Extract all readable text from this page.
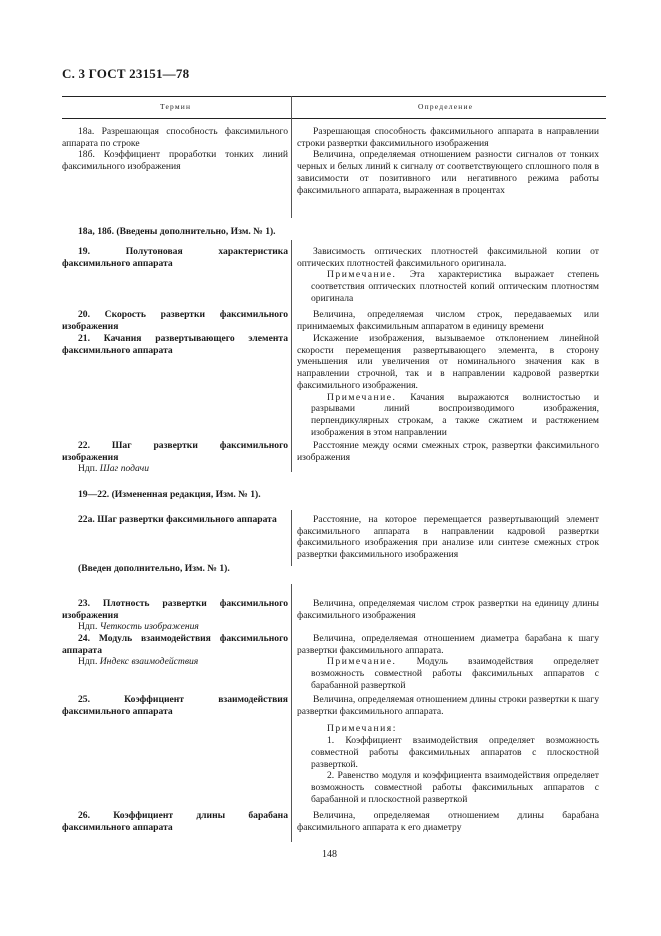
С. 3 ГОСТ 23151—78
Термин	Определение

18а. Разрешающая способность факсимильного аппарата по строке

18б. Коэффициент проработки тонких линий факсимильного изображения

Разрешающая способность факсимильного аппарата в направлении строки развертки факсимильного изображения

Величина, определяемая отношением разности сигналов от тонких черных и белых линий к сигналу от соответствующего сплошного поля в зависимости от позитивного или негативного режима работы факсимильного аппарата, выраженная в процентах

18а, 18б. (Введены дополнительно, Изм. № 1).

19. Полутоновая характеристика факсимильного аппарата

Зависимость оптических плотностей факсимильной копии от оптических плотностей факсимильного оригинала.

Примечание. Эта характеристика выражает степень соответствия оптических плотностей копий оптическим плотностям оригинала

20. Скорость развертки факсимильного изображения

Величина, определяемая числом строк, передаваемых или принимаемых факсимильным аппаратом в единицу времени

21. Качания развертывающего элемента факсимильного аппарата

Искажение изображения, вызываемое отклонением линейной скорости перемещения развертывающего элемента, в сторону уменьшения или увеличения от номинального значения как в направлении строчной, так и в направлении кадровой развертки факсимильного изображения.

Примечание. Качания выражаются волнистостью и разрывами линий воспроизводимого изображения, перпендикулярных строкам, а также сжатием и растяжением изображения в этом направлении

22. Шаг развертки факсимильного изображения

Ндп. Шаг подачи

Расстояние между осями смежных строк, развертки факсимильного изображения

19—22. (Измененная редакция, Изм. № 1).

22а. Шаг развертки факсимильного аппарата	Расстояние, на которое перемещается развертывающий элемент факсимильного аппарата в направлении кадровой развертки факсимильного изображения при анализе или синтезе смежных строк развертки факсимильного изображения

(Введен дополнительно, Изм. № 1).

23. Плотность развертки факсимильного изображения

Ндп. Четкость изображения

Величина, определяемая числом строк развертки на единицу длины факсимильного изображения

24. Модуль взаимодействия факсимильного аппарата

Ндп. Индекс взаимодействия

Величина, определяемая отношением диаметра барабана к шагу развертки факсимильного аппарата.

Примечание. Модуль взаимодействия определяет возможность совместной работы факсимильных аппаратов с барабанной разверткой

25. Коэффициент взаимодействия факсимильного аппарата

Величина, определяемая отношением длины строки развертки к шагу развертки факсимильного аппарата.

Примечания:

1. Коэффициент взаимодействия определяет возможность совместной работы факсимильных аппаратов с плоскостной разверткой.

2. Равенство модуля и коэффициента взаимодействия определяет возможность совместной работы факсимильных аппаратов с барабанной и плоскостной разверткой

26. Коэффициент длины барабана факсимильного аппарата

Величина, определяемая отношением длины барабана факсимильного аппарата к его диаметру

148
